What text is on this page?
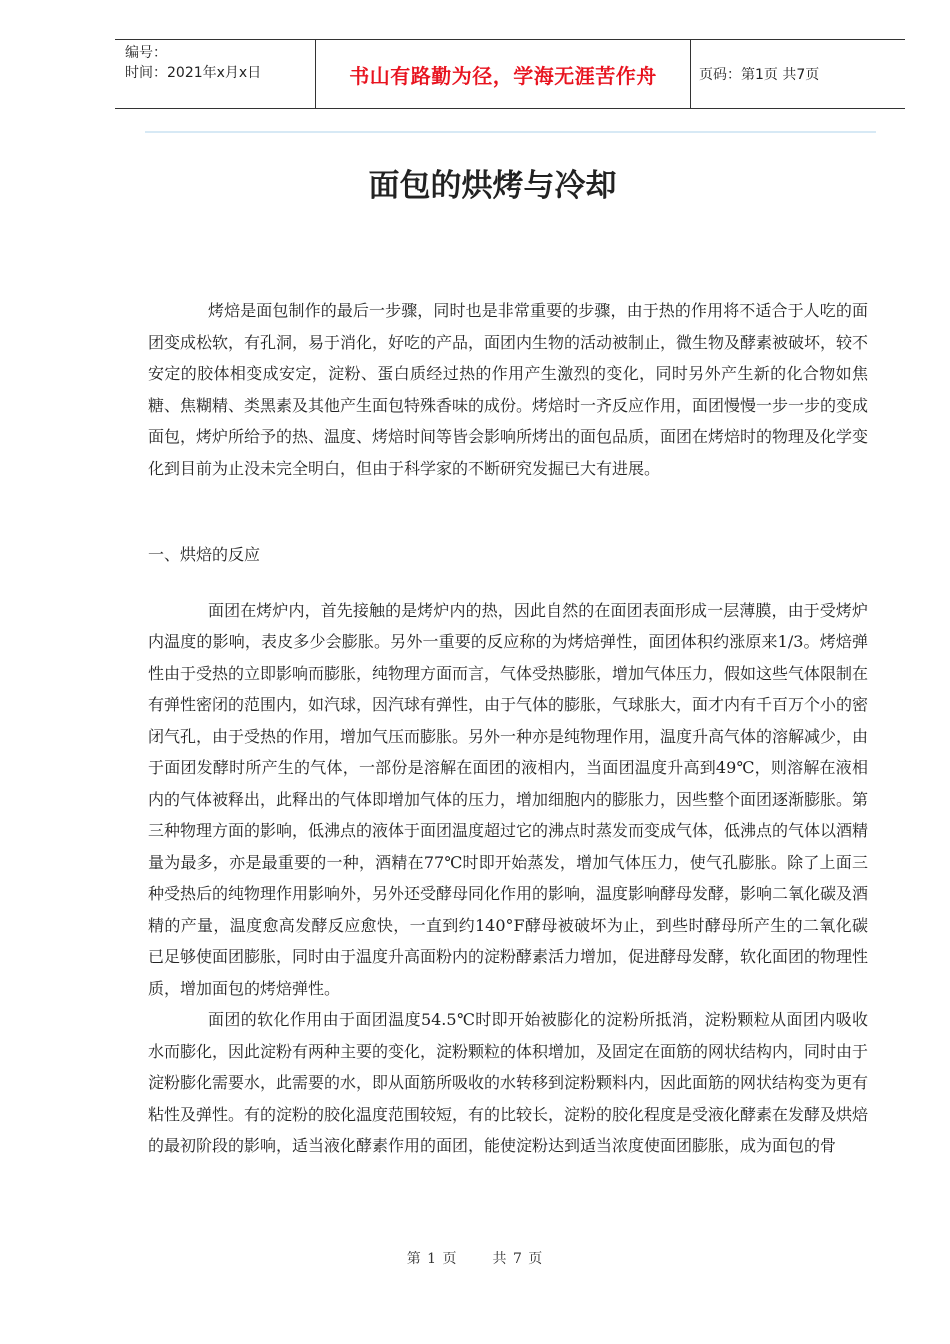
编号：
时间：2021年x月x日	书山有路勤为径，学海无涯苦作舟	页码：第1页 共7页
面包的烘烤与冷却

烤焙是面包制作的最后一步骤，同时也是非常重要的步骤，由于热的作用将不适合于人吃的面团变成松软，有孔洞，易于消化，好吃的产品，面团内生物的活动被制止，微生物及酵素被破坏，较不安定的胶体相变成安定，淀粉、蛋白质经过热的作用产生激烈的变化，同时另外产生新的化合物如焦糖、焦糊精、类黑素及其他产生面包特殊香味的成份。烤焙时一齐反应作用，面团慢慢一步一步的变成面包，烤炉所给予的热、温度、烤焙时间等皆会影响所烤出的面包品质，面团在烤焙时的物理及化学变化到目前为止没未完全明白，但由于科学家的不断研究发掘已大有进展。

一、烘焙的反应

面团在烤炉内，首先接触的是烤炉内的热，因此自然的在面团表面形成一层薄膜，由于受烤炉内温度的影响，表皮多少会膨胀。另外一重要的反应称的为烤焙弹性，面团体积约涨原来1/3。烤焙弹性由于受热的立即影响而膨胀，纯物理方面而言，气体受热膨胀，增加气体压力，假如这些气体限制在有弹性密闭的范围内，如汽球，因汽球有弹性，由于气体的膨胀，气球胀大，面才内有千百万个小的密闭气孔，由于受热的作用，增加气压而膨胀。另外一种亦是纯物理作用，温度升高气体的溶解减少，由于面团发酵时所产生的气体，一部份是溶解在面团的液相内，当面团温度升高到49℃，则溶解在液相内的气体被释出，此释出的气体即增加气体的压力，增加细胞内的膨胀力，因些整个面团逐渐膨胀。第三种物理方面的影响，低沸点的液体于面团温度超过它的沸点时蒸发而变成气体，低沸点的气体以酒精量为最多，亦是最重要的一种，酒精在77℃时即开始蒸发，增加气体压力，使气孔膨胀。除了上面三种受热后的纯物理作用影响外，另外还受酵母同化作用的影响，温度影响酵母发酵，影响二氧化碳及酒精的产量，温度愈高发酵反应愈快，一直到约140°F酵母被破坏为止，到些时酵母所产生的二氧化碳已足够使面团膨胀，同时由于温度升高面粉内的淀粉酵素活力增加，促进酵母发酵，软化面团的物理性质，增加面包的烤焙弹性。

面团的软化作用由于面团温度54.5℃时即开始被膨化的淀粉所抵消，淀粉颗粒从面团内吸收水而膨化，因此淀粉有两种主要的变化，淀粉颗粒的体积增加，及固定在面筋的网状结构内，同时由于淀粉膨化需要水，此需要的水，即从面筋所吸收的水转移到淀粉颗料内，因此面筋的网状结构变为更有粘性及弹性。有的淀粉的胶化温度范围较短，有的比较长，淀粉的胶化程度是受液化酵素在发酵及烘焙的最初阶段的影响，适当液化酵素作用的面团，能使淀粉达到适当浓度使面团膨胀，成为面包的骨

第 1 页	共 7 页
